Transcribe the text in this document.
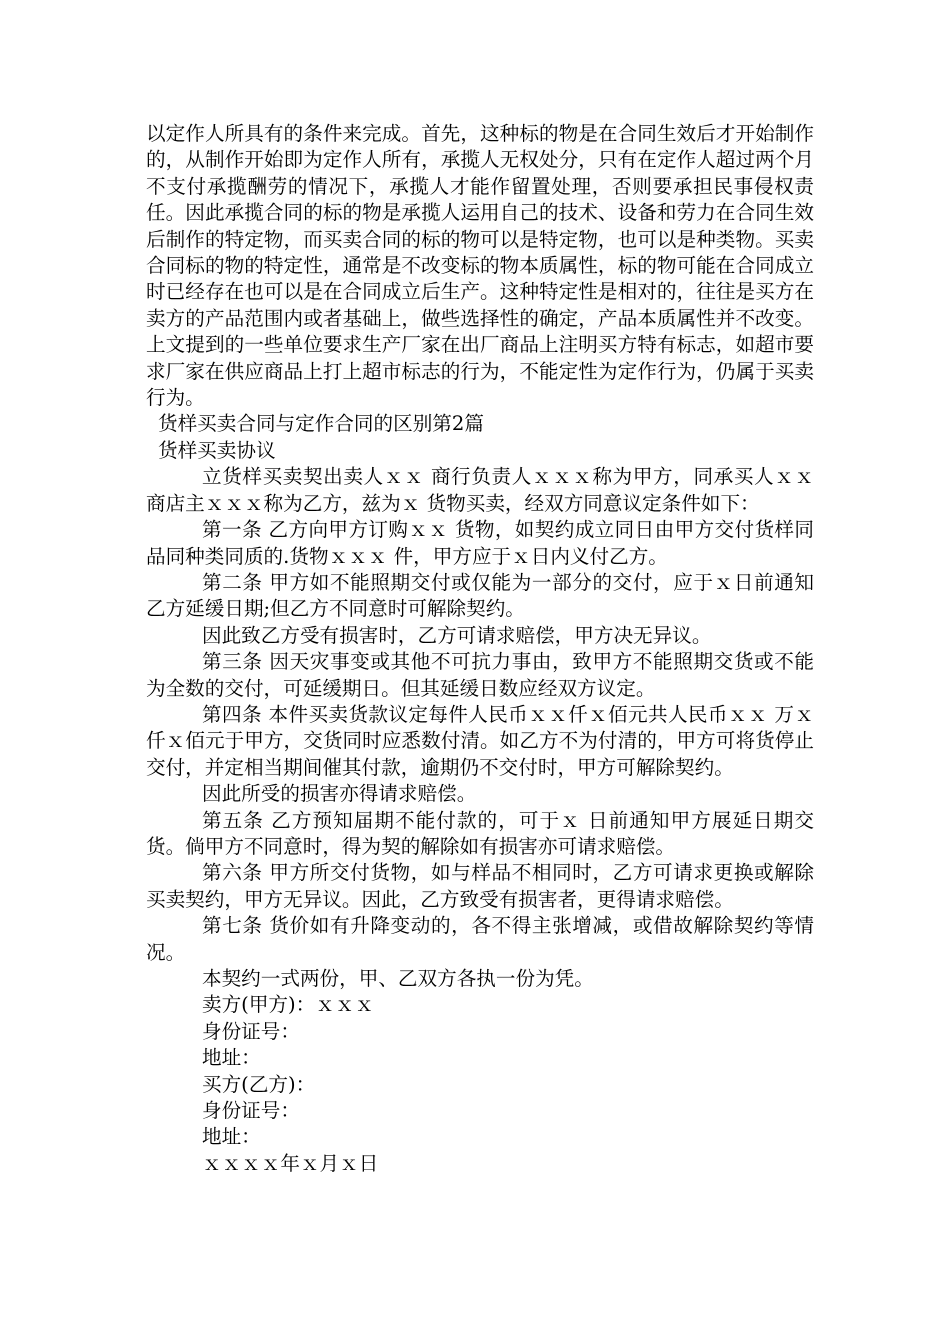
以定作人所具有的条件来完成。首先，这种标的物是在合同生效后才开始制作的，从制作开始即为定作人所有，承揽人无权处分，只有在定作人超过两个月不支付承揽酬劳的情况下，承揽人才能作留置处理，否则要承担民事侵权责任。因此承揽合同的标的物是承揽人运用自己的技术、设备和劳力在合同生效后制作的特定物，而买卖合同的标的物可以是特定物，也可以是种类物。买卖合同标的物的特定性，通常是不改变标的物本质属性，标的物可能在合同成立时已经存在也可以是在合同成立后生产。这种特定性是相对的，往往是买方在卖方的产品范围内或者基础上，做些选择性的确定，产品本质属性并不改变。上文提到的一些单位要求生产厂家在出厂商品上注明买方特有标志，如超市要求厂家在供应商品上打上超市标志的行为，不能定性为定作行为，仍属于买卖行为。

货样买卖合同与定作合同的区别第2篇

货样买卖协议

立货样买卖契出卖人ｘｘ 商行负责人ｘｘｘ称为甲方，同承买人ｘｘ 商店主ｘｘｘ称为乙方，兹为ｘ 货物买卖，经双方同意议定条件如下：

第一条 乙方向甲方订购ｘｘ 货物，如契约成立同日由甲方交付货样同品同种类同质的.货物ｘｘｘ 件，甲方应于ｘ日内义付乙方。

第二条 甲方如不能照期交付或仅能为一部分的交付，应于ｘ日前通知乙方延缓日期;但乙方不同意时可解除契约。

因此致乙方受有损害时，乙方可请求赔偿，甲方决无异议。

第三条 因天灾事变或其他不可抗力事由，致甲方不能照期交货或不能为全数的交付，可延缓期日。但其延缓日数应经双方议定。

第四条 本件买卖货款议定每件人民币ｘｘ仟ｘ佰元共人民币ｘｘ 万ｘ仟ｘ佰元于甲方，交货同时应悉数付清。如乙方不为付清的，甲方可将货停止交付，并定相当期间催其付款，逾期仍不交付时，甲方可解除契约。

因此所受的损害亦得请求赔偿。

第五条 乙方预知届期不能付款的，可于ｘ 日前通知甲方展延日期交货。倘甲方不同意时，得为契的解除如有损害亦可请求赔偿。

第六条 甲方所交付货物，如与样品不相同时，乙方可请求更换或解除买卖契约，甲方无异议。因此，乙方致受有损害者，更得请求赔偿。

第七条 货价如有升降变动的，各不得主张增减，或借故解除契约等情况。

本契约一式两份，甲、乙双方各执一份为凭。

卖方(甲方)：ｘｘｘ

身份证号：

地址：

买方(乙方)：

身份证号：

地址：

ｘｘｘｘ年ｘ月ｘ日
